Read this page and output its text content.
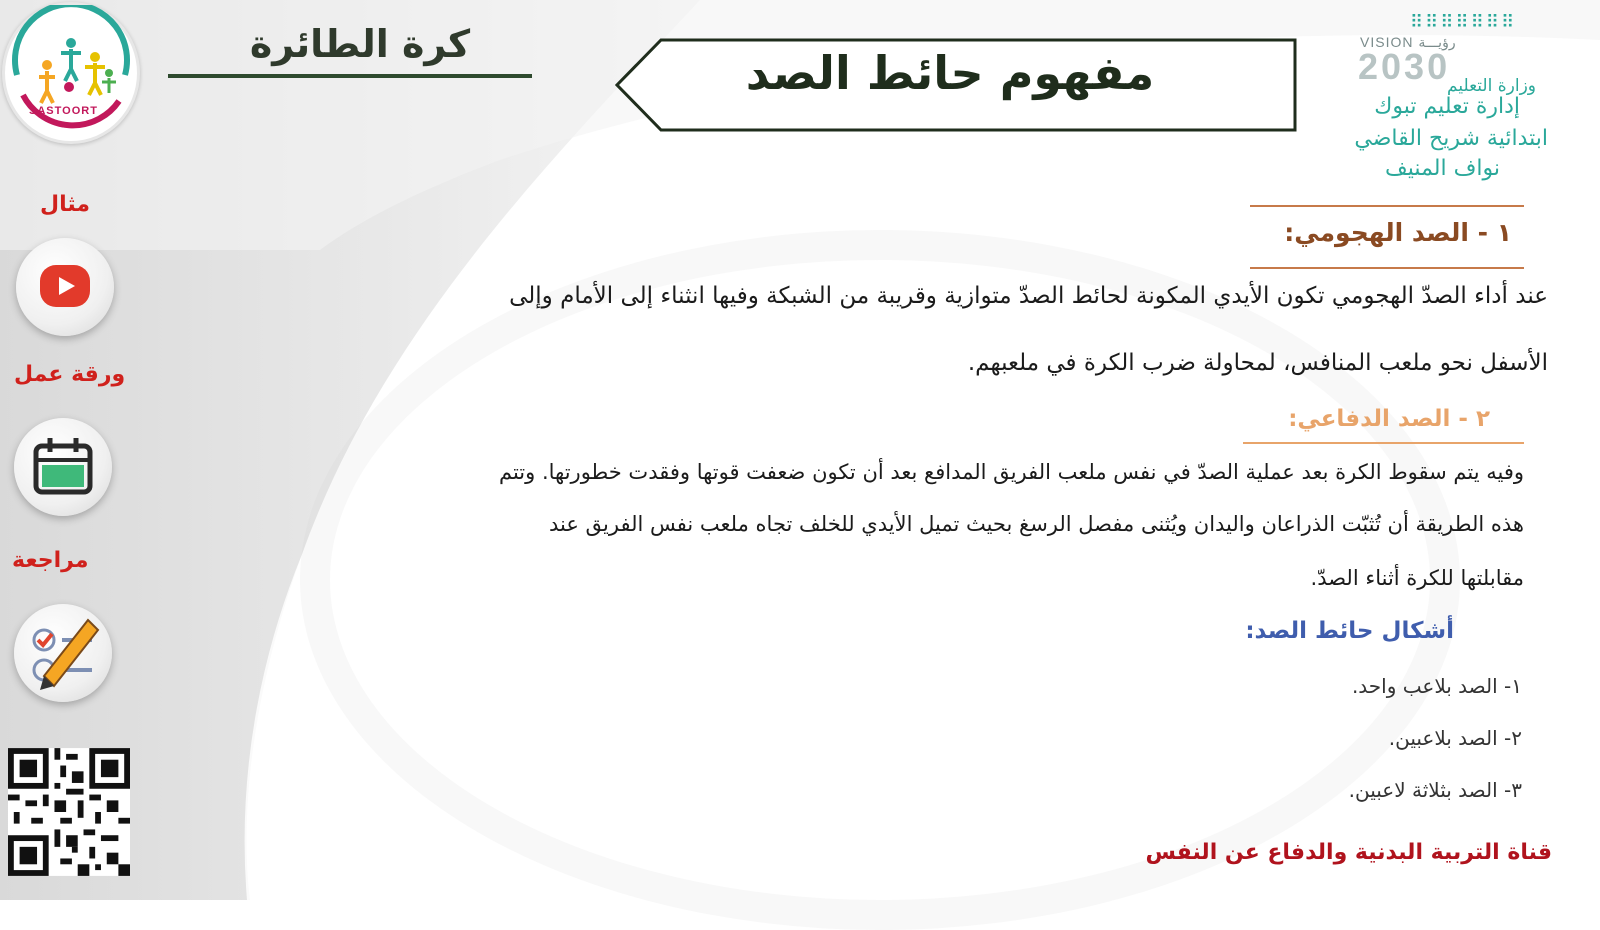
SASTOORT
كرة الطائرة
مفهوم حائط الصد
⠿⠿⠿⠿⠿⠿⠿
VISION رؤيـــة
2030
وزارة التعليم
إدارة تعليم تبوك
ابتدائية شريح القاضي
نواف المنيف
١ - الصد الهجومي:
عند أداء الصدّ الهجومي تكون الأيدي المكونة لحائط الصدّ متوازية وقريبة من الشبكة وفيها انثناء إلى الأمام وإلى
الأسفل نحو ملعب المنافس، لمحاولة ضرب الكرة في ملعبهم.
٢ - الصد الدفاعي:
وفيه يتم سقوط الكرة بعد عملية الصدّ في نفس ملعب الفريق المدافع بعد أن تكون ضعفت قوتها وفقدت خطورتها. وتتم
هذه الطريقة أن تُثبّت الذراعان واليدان ويُثنى مفصل الرسغ بحيث تميل الأيدي للخلف تجاه ملعب نفس الفريق عند
مقابلتها للكرة أثناء الصدّ.
أشكال حائط الصد:
١- الصد بلاعب واحد.
٢- الصد بلاعبين.
٣- الصد بثلاثة لاعبين.
قناة التربية البدنية والدفاع عن النفس
مثال
ورقة عمل
مراجعة
